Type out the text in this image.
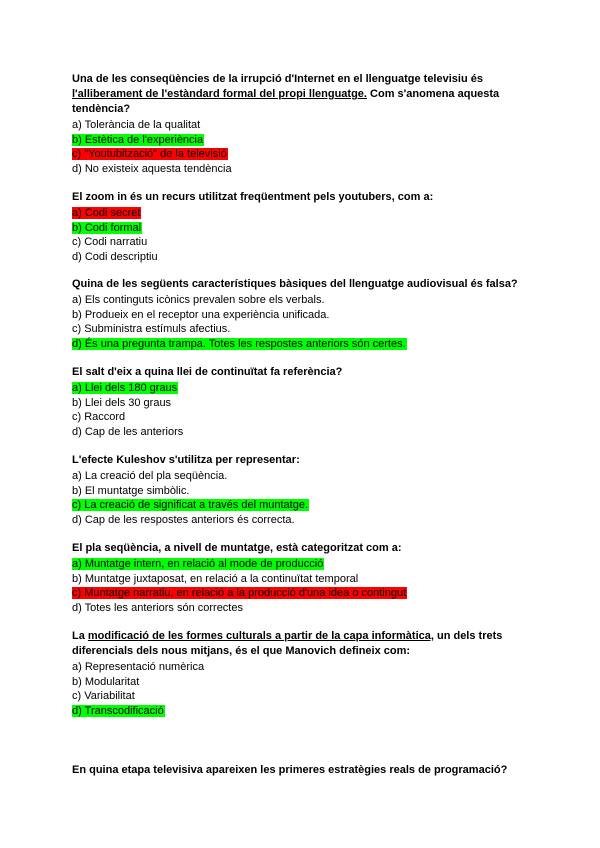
Una de les conseqüències de la irrupció d'Internet en el llenguatge televisiu és l'alliberament de l'estàndard formal del propi llenguatge. Com s'anomena aquesta tendència?

a) Tolerància de la qualitat
b) Estètica de l'experiència
c) "Youtubització" de la televisió
d) No existeix aquesta tendència

El zoom in és un recurs utilitzat freqüentment pels youtubers, com a:

a) Codi secret
b) Codi formal
c) Codi narratiu
d) Codi descriptiu

Quina de les següents característiques bàsiques del llenguatge audiovisual és falsa?

a) Els continguts icònics prevalen sobre els verbals.
b) Produeix en el receptor una experiència unificada.
c) Subministra estímuls afectius.
d) És una pregunta trampa. Totes les respostes anteriors són certes.

El salt d'eix a quina llei de continuïtat fa referència?

a) Llei dels 180 graus
b) Llei dels 30 graus
c) Raccord
d) Cap de les anteriors

L'efecte Kuleshov s'utilitza per representar:

a) La creació del pla seqüència.
b) El muntatge simbòlic.
c) La creació de significat a través del muntatge.
d) Cap de les respostes anteriors és correcta.

El pla seqüència, a nivell de muntatge, està categoritzat com a:

a) Muntatge intern, en relació al mode de producció
b) Muntatge juxtaposat, en relació a la continuïtat temporal
c) Muntatge narratiu, en relació a la producció d'una idea o contingut
d) Totes les anteriors són correctes

La modificació de les formes culturals a partir de la capa informàtica, un dels trets diferencials dels nous mitjans, és el que Manovich defineix com:

a) Representació numèrica
b) Modularitat
c) Variabilitat
d) Transcodificació

En quina etapa televisiva apareixen les primeres estratègies reals de programació?
